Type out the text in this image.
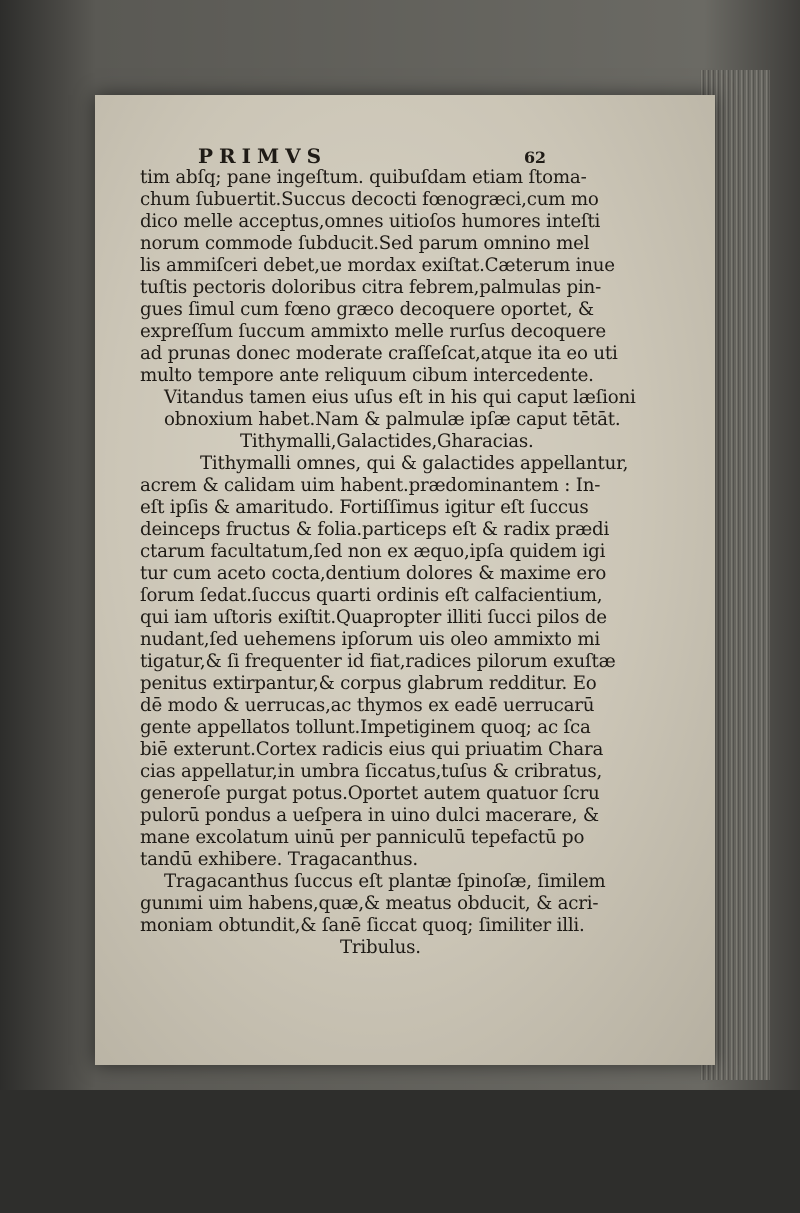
PRIMVS	62
tim abſq; pane ingeſtum. quibuſdam etiam ſtoma-
chum ſubuertit.Succus decocti fœnogræci,cum mo
dico melle acceptus,omnes uitioſos humores inteſti
norum commode ſubducit.Sed parum omnino mel
lis ammiſceri debet,ue mordax exiſtat.Cæterum inue
tuſtis pectoris doloribus citra febrem,palmulas pin-
gues ſimul cum fœno græco decoquere oportet, &
expreſſum ſuccum ammixto melle rurſus decoquere
ad prunas donec moderate craſſeſcat,atque ita eo uti
multo tempore ante reliquum cibum intercedente.
Vitandus tamen eius uſus eſt in his qui caput læſioni
obnoxium habet.Nam & palmulæ ipſæ caput tētāt.
Tithymalli,Galactides,Gharacias.
Tithymalli omnes, qui & galactides appellantur,
acrem & calidam uim habent.prædominantem : In-
eſt ipſis & amaritudo. Fortiſſimus igitur eſt ſuccus
deinceps fructus & folia.particeps eſt & radix prædi
ctarum facultatum,ſed non ex æquo,ipſa quidem igi
tur cum aceto cocta,dentium dolores & maxime ero
ſorum ſedat.ſuccus quarti ordinis eſt calfacientium,
qui iam uſtoris exiſtit.Quapropter illiti ſucci pilos de
nudant,ſed uehemens ipſorum uis oleo ammixto mi
tigatur,& ſi frequenter id fiat,radices pilorum exuſtæ
penitus extirpantur,& corpus glabrum redditur. Eo
dē modo & uerrucas,ac thymos ex eadē uerrucarū
gente appellatos tollunt.Impetiginem quoq; ac ſca
biē exterunt.Cortex radicis eius qui priuatim Chara
cias appellatur,in umbra ſiccatus,tuſus & cribratus,
generoſe purgat potus.Oportet autem quatuor ſcru
pulorū pondus a ueſpera in uino dulci macerare, &
mane excolatum uinū per panniculū tepefactū po
tandū exhibere. Tragacanthus.
Tragacanthus ſuccus eſt plantæ ſpinoſæ, ſimilem
gunımi uim habens,quæ,& meatus obducit, & acri-
moniam obtundit,& ſanē ſiccat quoq; ſimiliter illi.
Tribulus.
